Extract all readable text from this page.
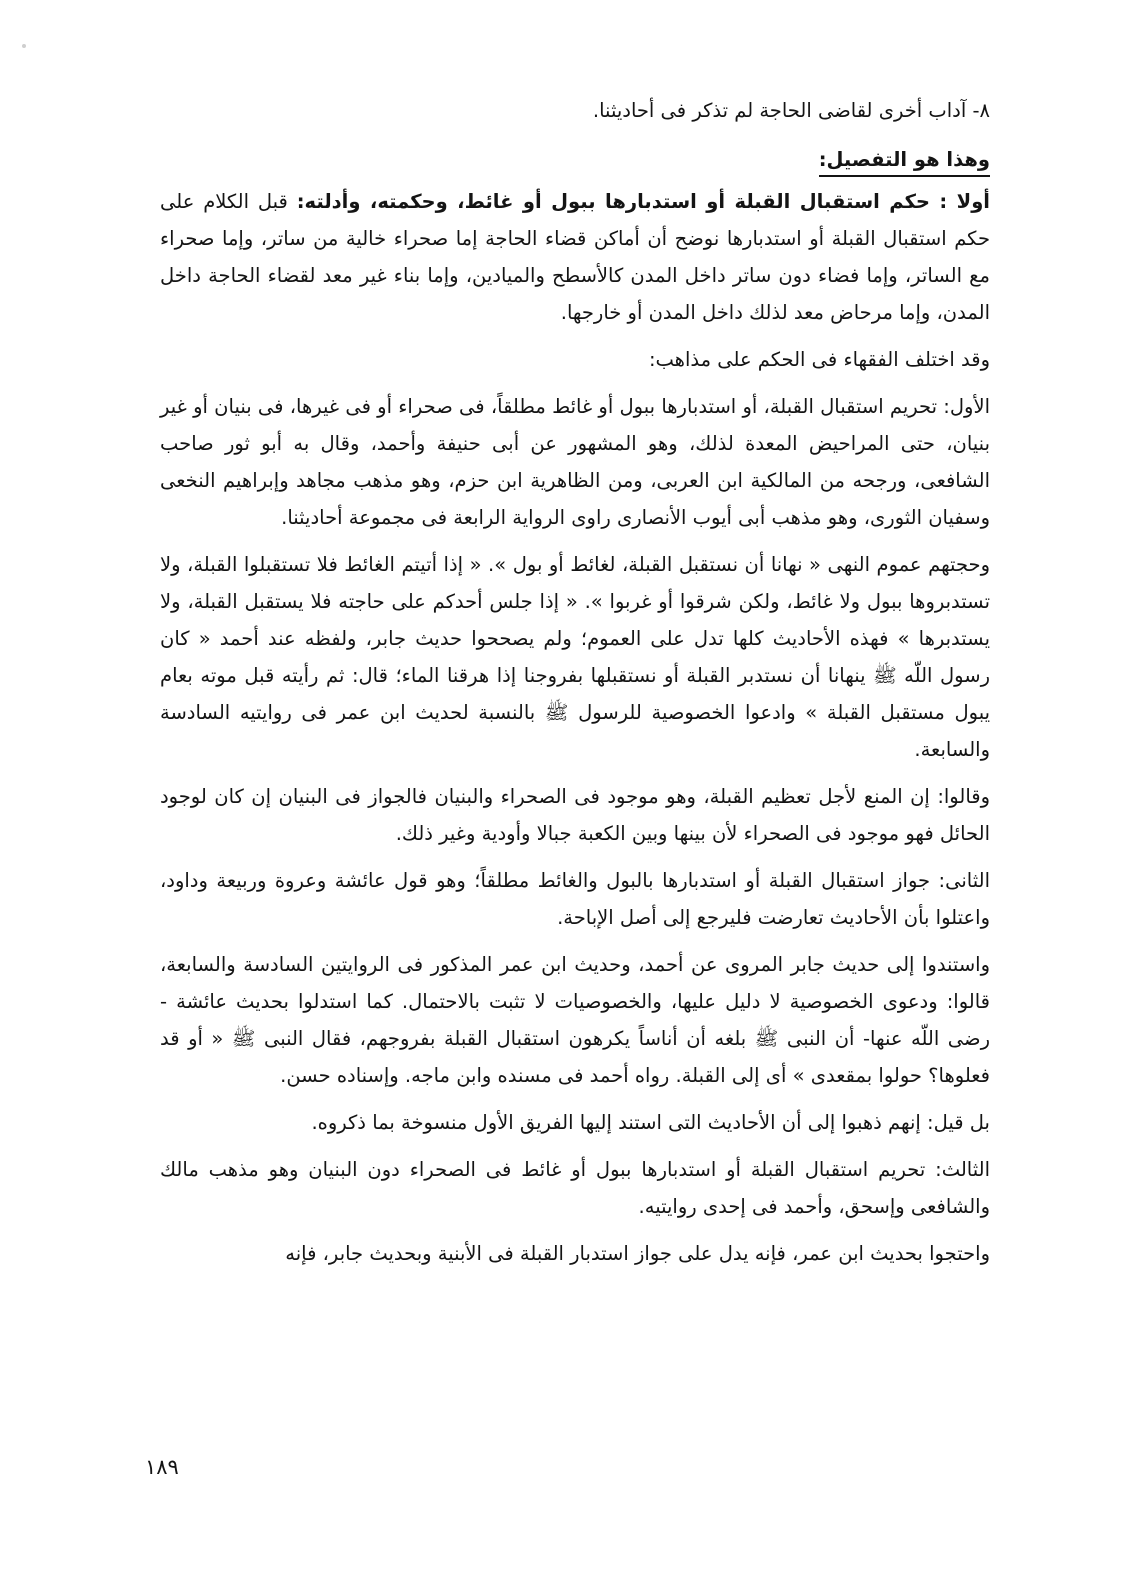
٨- آداب أخرى لقاضى الحاجة لم تذكر فى أحاديثنا.

وهذا هو التفصيل:

أولا : حكم استقبال القبلة أو استدبارها ببول أو غائط، وحكمته، وأدلته: قبل الكلام على حكم استقبال القبلة أو استدبارها نوضح أن أماكن قضاء الحاجة إما صحراء خالية من ساتر، وإما صحراء مع الساتر، وإما فضاء دون ساتر داخل المدن كالأسطح والميادين، وإما بناء غير معد لقضاء الحاجة داخل المدن، وإما مرحاض معد لذلك داخل المدن أو خارجها.

وقد اختلف الفقهاء فى الحكم على مذاهب:

الأول: تحريم استقبال القبلة، أو استدبارها ببول أو غائط مطلقاً، فى صحراء أو فى غيرها، فى بنيان أو غير بنيان، حتى المراحيض المعدة لذلك، وهو المشهور عن أبى حنيفة وأحمد، وقال به أبو ثور صاحب الشافعى، ورجحه من المالكية ابن العربى، ومن الظاهرية ابن حزم، وهو مذهب مجاهد وإبراهيم النخعى وسفيان الثورى، وهو مذهب أبى أيوب الأنصارى راوى الرواية الرابعة فى مجموعة أحاديثنا.

وحجتهم عموم النهى « نهانا أن نستقبل القبلة، لغائط أو بول ». « إذا أتيتم الغائط فلا تستقبلوا القبلة، ولا تستدبروها ببول ولا غائط، ولكن شرقوا أو غربوا ». « إذا جلس أحدكم على حاجته فلا يستقبل القبلة، ولا يستدبرها » فهذه الأحاديث كلها تدل على العموم؛ ولم يصححوا حديث جابر، ولفظه عند أحمد « كان رسول اللّه ﷺ ينهانا أن نستدبر القبلة أو نستقبلها بفروجنا إذا هرقنا الماء؛ قال: ثم رأيته قبل موته بعام يبول مستقبل القبلة » وادعوا الخصوصية للرسول ﷺ بالنسبة لحديث ابن عمر فى روايتيه السادسة والسابعة.

وقالوا: إن المنع لأجل تعظيم القبلة، وهو موجود فى الصحراء والبنيان فالجواز فى البنيان إن كان لوجود الحائل فهو موجود فى الصحراء لأن بينها وبين الكعبة جبالا وأودية وغير ذلك.

الثانى: جواز استقبال القبلة أو استدبارها بالبول والغائط مطلقاً؛ وهو قول عائشة وعروة وربيعة وداود، واعتلوا بأن الأحاديث تعارضت فليرجع إلى أصل الإباحة.

واستندوا إلى حديث جابر المروى عن أحمد، وحديث ابن عمر المذكور فى الروايتين السادسة والسابعة، قالوا: ودعوى الخصوصية لا دليل عليها، والخصوصيات لا تثبت بالاحتمال. كما استدلوا بحديث عائشة - رضى اللّه عنها- أن النبى ﷺ بلغه أن أناساً يكرهون استقبال القبلة بفروجهم، فقال النبى ﷺ « أو قد فعلوها؟ حولوا بمقعدى » أى إلى القبلة. رواه أحمد فى مسنده وابن ماجه. وإسناده حسن.

بل قيل: إنهم ذهبوا إلى أن الأحاديث التى استند إليها الفريق الأول منسوخة بما ذكروه.

الثالث: تحريم استقبال القبلة أو استدبارها ببول أو غائط فى الصحراء دون البنيان وهو مذهب مالك والشافعى وإسحق، وأحمد فى إحدى روايتيه.

واحتجوا بحديث ابن عمر، فإنه يدل على جواز استدبار القبلة فى الأبنية وبحديث جابر، فإنه

١٨٩
